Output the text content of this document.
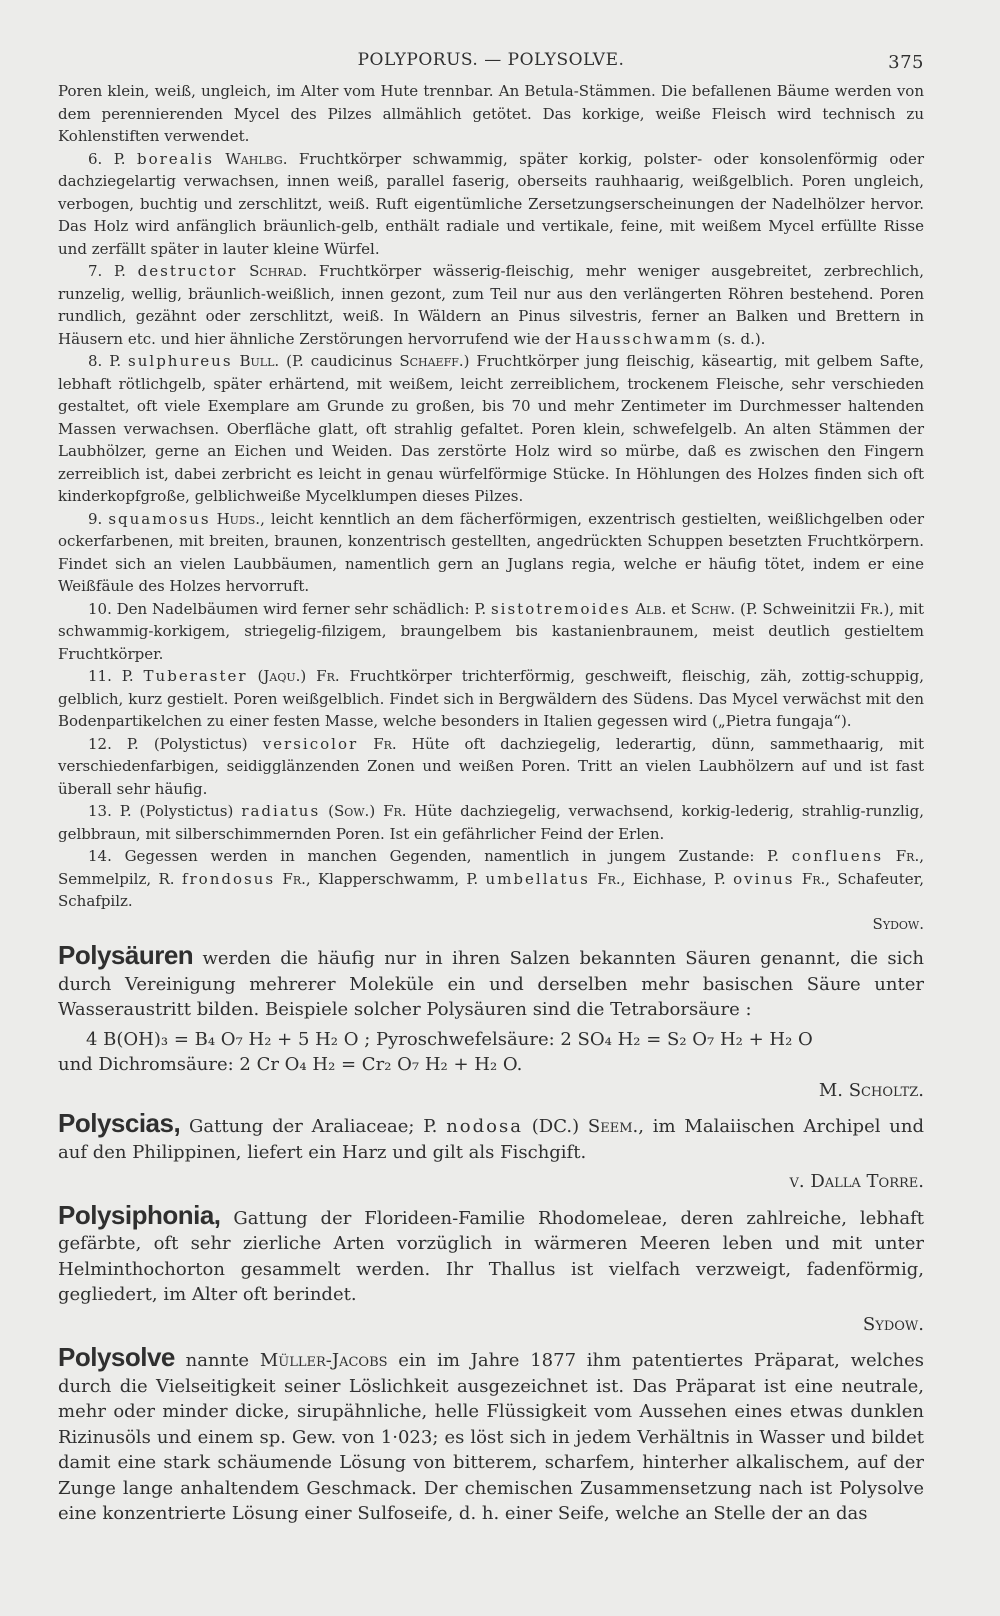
POLYPORUS. — POLYSOLVE.	375

Poren klein, weiß, ungleich, im Alter vom Hute trennbar. An Betula-Stämmen. Die befallenen Bäume werden von dem perennierenden Mycel des Pilzes allmählich getötet. Das korkige, weiße Fleisch wird technisch zu Kohlenstiften verwendet.

6. P. borealis Wahlbg. Fruchtkörper schwammig, später korkig, polster- oder konsolenförmig oder dachziegelartig verwachsen, innen weiß, parallel faserig, oberseits rauhhaarig, weißgelblich. Poren ungleich, verbogen, buchtig und zerschlitzt, weiß. Ruft eigentümliche Zersetzungserscheinungen der Nadelhölzer hervor. Das Holz wird anfänglich bräunlich-gelb, enthält radiale und vertikale, feine, mit weißem Mycel erfüllte Risse und zerfällt später in lauter kleine Würfel.

7. P. destructor Schrad. Fruchtkörper wässerig-fleischig, mehr weniger ausgebreitet, zerbrechlich, runzelig, wellig, bräunlich-weißlich, innen gezont, zum Teil nur aus den verlängerten Röhren bestehend. Poren rundlich, gezähnt oder zerschlitzt, weiß. In Wäldern an Pinus silvestris, ferner an Balken und Brettern in Häusern etc. und hier ähnliche Zerstörungen hervorrufend wie der Hausschwamm (s. d.).

8. P. sulphureus Bull. (P. caudicinus Schaeff.) Fruchtkörper jung fleischig, käseartig, mit gelbem Safte, lebhaft rötlichgelb, später erhärtend, mit weißem, leicht zerreiblichem, trockenem Fleische, sehr verschieden gestaltet, oft viele Exemplare am Grunde zu großen, bis 70 und mehr Zentimeter im Durchmesser haltenden Massen verwachsen. Oberfläche glatt, oft strahlig gefaltet. Poren klein, schwefelgelb. An alten Stämmen der Laubhölzer, gerne an Eichen und Weiden. Das zerstörte Holz wird so mürbe, daß es zwischen den Fingern zerreiblich ist, dabei zerbricht es leicht in genau würfelförmige Stücke. In Höhlungen des Holzes finden sich oft kinderkopfgroße, gelblichweiße Mycelklumpen dieses Pilzes.

9. squamosus Huds., leicht kenntlich an dem fächerförmigen, exzentrisch gestielten, weißlichgelben oder ockerfarbenen, mit breiten, braunen, konzentrisch gestellten, angedrückten Schuppen besetzten Fruchtkörpern. Findet sich an vielen Laubbäumen, namentlich gern an Juglans regia, welche er häufig tötet, indem er eine Weißfäule des Holzes hervorruft.

10. Den Nadelbäumen wird ferner sehr schädlich: P. sistotremoides Alb. et Schw. (P. Schweinitzii Fr.), mit schwammig-korkigem, striegelig-filzigem, braungelbem bis kastanienbraunem, meist deutlich gestieltem Fruchtkörper.

11. P. Tuberaster (Jaqu.) Fr. Fruchtkörper trichterförmig, geschweift, fleischig, zäh, zottig-schuppig, gelblich, kurz gestielt. Poren weißgelblich. Findet sich in Bergwäldern des Südens. Das Mycel verwächst mit den Bodenpartikelchen zu einer festen Masse, welche besonders in Italien gegessen wird („Pietra fungaja“).

12. P. (Polystictus) versicolor Fr. Hüte oft dachziegelig, lederartig, dünn, sammethaarig, mit verschiedenfarbigen, seidigglänzenden Zonen und weißen Poren. Tritt an vielen Laubhölzern auf und ist fast überall sehr häufig.

13. P. (Polystictus) radiatus (Sow.) Fr. Hüte dachziegelig, verwachsend, korkig-lederig, strahlig-runzlig, gelbbraun, mit silberschimmernden Poren. Ist ein gefährlicher Feind der Erlen.

14. Gegessen werden in manchen Gegenden, namentlich in jungem Zustande: P. confluens Fr., Semmelpilz, R. frondosus Fr., Klapperschwamm, P. umbellatus Fr., Eichhase, P. ovinus Fr., Schafeuter, Schafpilz.

Sydow.

Polysäuren werden die häufig nur in ihren Salzen bekannten Säuren genannt, die sich durch Vereinigung mehrerer Moleküle ein und derselben mehr basischen Säure unter Wasseraustritt bilden. Beispiele solcher Polysäuren sind die Tetraborsäure :

4 B(OH)₃ = B₄ O₇ H₂ + 5 H₂ O ; Pyroschwefelsäure: 2 SO₄ H₂ = S₂ O₇ H₂ + H₂ O
und Dichromsäure: 2 Cr O₄ H₂ = Cr₂ O₇ H₂ + H₂ O.

M. Scholtz.

Polyscias, Gattung der Araliaceae; P. nodosa (DC.) Seem., im Malaiischen Archipel und auf den Philippinen, liefert ein Harz und gilt als Fischgift.

v. Dalla Torre.

Polysiphonia, Gattung der Florideen-Familie Rhodomeleae, deren zahlreiche, lebhaft gefärbte, oft sehr zierliche Arten vorzüglich in wärmeren Meeren leben und mit unter Helminthochorton gesammelt werden. Ihr Thallus ist vielfach verzweigt, fadenförmig, gegliedert, im Alter oft berindet.

Sydow.

Polysolve nannte Müller-Jacobs ein im Jahre 1877 ihm patentiertes Präparat, welches durch die Vielseitigkeit seiner Löslichkeit ausgezeichnet ist. Das Präparat ist eine neutrale, mehr oder minder dicke, sirupähnliche, helle Flüssigkeit vom Aussehen eines etwas dunklen Rizinusöls und einem sp. Gew. von 1·023; es löst sich in jedem Verhältnis in Wasser und bildet damit eine stark schäumende Lösung von bitterem, scharfem, hinterher alkalischem, auf der Zunge lange anhaltendem Geschmack. Der chemischen Zusammensetzung nach ist Polysolve eine konzentrierte Lösung einer Sulfoseife, d. h. einer Seife, welche an Stelle der an das
